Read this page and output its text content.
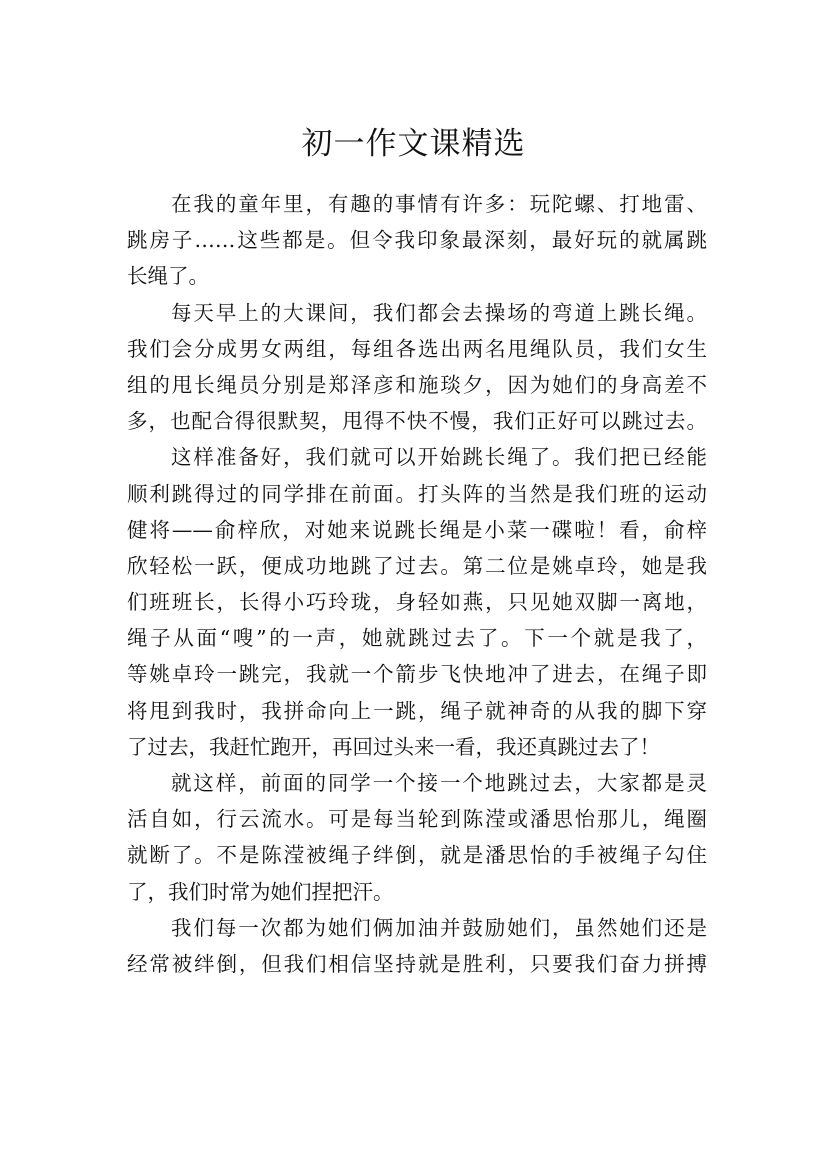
初一作文课精选
在我的童年里，有趣的事情有许多：玩陀螺、打地雷、
跳房子……这些都是。但令我印象最深刻，最好玩的就属跳
长绳了。
每天早上的大课间，我们都会去操场的弯道上跳长绳。
我们会分成男女两组，每组各选出两名甩绳队员，我们女生
组的甩长绳员分别是郑泽彦和施琰夕，因为她们的身高差不
多，也配合得很默契，甩得不快不慢，我们正好可以跳过去。
这样准备好，我们就可以开始跳长绳了。我们把已经能
顺利跳得过的同学排在前面。打头阵的当然是我们班的运动
健将——俞梓欣，对她来说跳长绳是小菜一碟啦！看，俞梓
欣轻松一跃，便成功地跳了过去。第二位是姚卓玲，她是我
们班班长，长得小巧玲珑，身轻如燕，只见她双脚一离地，
绳子从面“嗖”的一声，她就跳过去了。下一个就是我了，
等姚卓玲一跳完，我就一个箭步飞快地冲了进去，在绳子即
将甩到我时，我拼命向上一跳，绳子就神奇的从我的脚下穿
了过去，我赶忙跑开，再回过头来一看，我还真跳过去了！
就这样，前面的同学一个接一个地跳过去，大家都是灵
活自如，行云流水。可是每当轮到陈滢或潘思怡那儿，绳圈
就断了。不是陈滢被绳子绊倒，就是潘思怡的手被绳子勾住
了，我们时常为她们捏把汗。
我们每一次都为她们俩加油并鼓励她们，虽然她们还是
经常被绊倒，但我们相信坚持就是胜利，只要我们奋力拼搏
